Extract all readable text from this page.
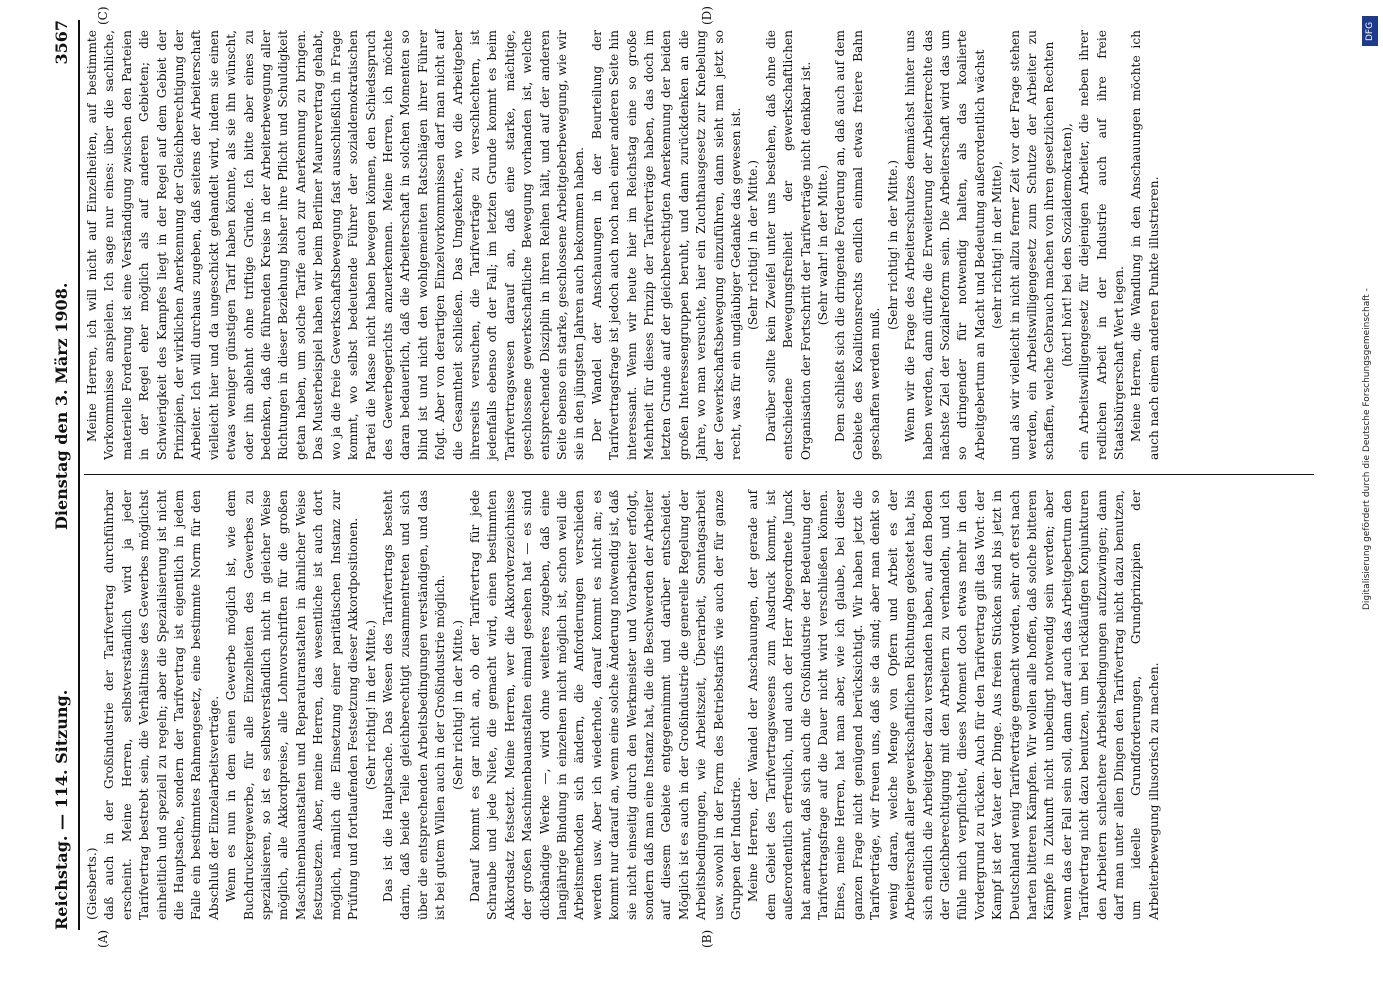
Reichstag. — 114. Sitzung.
Dienstag den 3. März 1908.
3567
(A)	(B)
(C)	(D)

(Giesberts.) daß auch in der Großindustrie der Tarifvertrag durchführbar erscheint. Meine Herren, selbstverständlich wird ja jeder Tarifvertrag bestrebt sein, die Verhältnisse des Gewerbes möglichst einheitlich und speziell zu regeln; aber die Spezialisierung ist nicht die Hauptsache, sondern der Tarifvertrag ist eigentlich in jedem Falle ein bestimmtes Rahmengesetz, eine bestimmte Norm für den Abschluß der Einzelarbeitsverträge. Wenn es nun in dem einen Gewerbe möglich ist, wie dem Buchdruckergewerbe, für alle Einzelheiten des Gewerbes zu spezialisieren, so ist es selbstverständlich nicht in gleicher Weise möglich, alle Akkordpreise, alle Lohnvorschriften für die großen Maschinenbauanstalten und Reparaturanstalten in ähnlicher Weise festzusetzen. Aber, meine Herren, das wesentliche ist auch dort möglich, nämlich die Einsetzung einer paritätischen Instanz zur Prüfung und fortlaufenden Festsetzung dieser Akkordpositionen. (Sehr richtig! in der Mitte.) Das ist die Hauptsache. Das Wesen des Tarifvertrags besteht darin, daß beide Teile gleichberechtigt zusammentreten und sich über die entsprechenden Arbeitsbedingungen verständigen, und das ist bei gutem Willen auch in der Großindustrie möglich. (Sehr richtig! in der Mitte.) Darauf kommt es gar nicht an, ob der Tarifvertrag für jede Schraube und jede Niete, die gemacht wird, einen bestimmten Akkordsatz festsetzt. Meine Herren, wer die Akkordverzeichnisse der großen Maschinenbauanstalten einmal gesehen hat — es sind dickbändige Werke —, wird ohne weiteres zugeben, daß eine langjährige Bindung in einzelnen nicht möglich ist, schon weil die Arbeitsmethoden sich ändern, die Anforderungen verschieden werden usw. Aber ich wiederhole, darauf kommt es nicht an; es kommt nur darauf an, wenn eine solche Änderung notwendig ist, daß sie nicht einseitig durch den Werkmeister und Vorarbeiter erfolgt, sondern daß man eine Instanz hat, die die Beschwerden der Arbeiter auf diesem Gebiete entgegennimmt und darüber entscheidet. Möglich ist es auch in der Großindustrie die generelle Regelung der Arbeitsbedingungen, wie Arbeitszeit, Überarbeit, Sonntagsarbeit usw. sowohl in der Form des Betriebstarifs wie auch der für ganze Gruppen der Industrie. Meine Herren, der Wandel der Anschauungen, der gerade auf dem Gebiet des Tarifvertragswesens zum Ausdruck kommt, ist außerordentlich erfreulich, und auch der Herr Abgeordnete Junck hat anerkannt, daß sich auch die Großindustrie der Bedeutung der Tarifvertragsfrage auf die Dauer nicht wird verschließen können. Eines, meine Herren, hat man aber, wie ich glaube, bei dieser ganzen Frage nicht genügend berücksichtigt. Wir haben jetzt die Tarifverträge, wir freuen uns, daß sie da sind; aber man denkt so wenig daran, welche Menge von Opfern und Arbeit es der Arbeiterschaft aller gewerkschaftlichen Richtungen gekostet hat, bis sich endlich die Arbeitgeber dazu verstanden haben, auf den Boden der Gleichberechtigung mit den Arbeitern zu verhandeln, und ich fühle mich verpflichtet, dieses Moment doch etwas mehr in den Vordergrund zu rücken. Auch für den Tarifvertrag gilt das Wort: der Kampf ist der Vater der Dinge. Aus freien Stücken sind bis jetzt in Deutschland wenig Tarifverträge gemacht worden, sehr oft erst nach harten bitteren Kämpfen. Wir wollen alle hoffen, daß solche bitteren Kämpfe in Zukunft nicht unbedingt notwendig sein werden; aber wenn das der Fall sein soll, dann darf auch das Arbeitgebertum den Tarifvertrag nicht dazu benutzen, um bei rückläufigen Konjunkturen den Arbeitern schlechtere Arbeitsbedingungen aufzuzwingen; dann darf man unter allen Dingen den Tarifvertrag nicht dazu benutzen, um ideelle Grundforderungen, Grundprinzipien der Arbeiterbewegung illusorisch zu machen.

Meine Herren, ich will nicht auf Einzelheiten, auf bestimmte Vorkommnisse anspielen. Ich sage nur eines: über die sachliche, materielle Forderung ist eine Verständigung zwischen den Parteien in der Regel eher möglich als auf anderen Gebieten; die Schwierigkeit des Kampfes liegt in der Regel auf dem Gebiet der Prinzipien, der wirklichen Anerkennung der Gleichberechtigung der Arbeiter. Ich will durchaus zugeben, daß seitens der Arbeiterschaft vielleicht hier und da ungeschickt gehandelt wird, indem sie einen etwas weniger günstigen Tarif haben könnte, als sie ihn wünscht, oder ihn ablehnt ohne triftige Gründe. Ich bitte aber eines zu bedenken, daß die führenden Kreise in der Arbeiterbewegung aller Richtungen in dieser Beziehung bisher ihre Pflicht und Schuldigkeit getan haben, um solche Tarife auch zur Anerkennung zu bringen. Das Musterbeispiel haben wir beim Berliner Maurervertrag gehabt, wo ja die freie Gewerkschaftsbewegung fast ausschließlich in Frage kommt, wo selbst bedeutende Führer der sozialdemokratischen Partei die Masse nicht haben bewegen können, den Schiedsspruch des Gewerbegerichts anzuerkennen. Meine Herren, ich möchte daran bedauerlich, daß die Arbeiterschaft in solchen Momenten so blind ist und nicht den wohlgemeinten Ratschlägen ihrer Führer folgt. Aber von derartigen Einzelvorkommnissen darf man nicht auf die Gesamtheit schließen. Das Umgekehrte, wo die Arbeitgeber ihrerseits versuchen, die Tarifverträge zu verschlechtern, ist jedenfalls ebenso oft der Fall; im letzten Grunde kommt es beim Tarifvertragswesen darauf an, daß eine starke, mächtige, geschlossene gewerkschaftliche Bewegung vorhanden ist, welche entsprechende Disziplin in ihren Reihen hält, und auf der anderen Seite ebenso ein starke, geschlossene Arbeitgeberbewegung, wie wir sie in den jüngsten Jahren auch bekommen haben. Der Wandel der Anschauungen in der Beurteilung der Tarifvertragsfrage ist jedoch auch noch nach einer anderen Seite hin interessant. Wenn wir heute hier im Reichstag eine so große Mehrheit für dieses Prinzip der Tarifverträge haben, das doch im letzten Grunde auf der gleichberechtigten Anerkennung der beiden großen Interessengruppen beruht, und dann zurückdenken an die Jahre, wo man versuchte, hier ein Zuchthausgesetz zur Knebelung der Gewerkschaftsbewegung einzuführen, dann sieht man jetzt so recht, was für ein ungläubiger Gedanke das gewesen ist. (Sehr richtig! in der Mitte.) Darüber sollte kein Zweifel unter uns bestehen, daß ohne die entschiedene Bewegungsfreiheit der gewerkschaftlichen Organisation der Fortschritt der Tarifverträge nicht denkbar ist. (Sehr wahr! in der Mitte.) Dem schließt sich die dringende Forderung an, daß auch auf dem Gebiete des Koalitionsrechts endlich einmal etwas freiere Bahn geschaffen werden muß.

(Sehr richtig! in der Mitte.) Wenn wir die Frage des Arbeiterschutzes demnächst hinter uns haben werden, dann dürfte die Erweiterung der Arbeiterrechte das nächste Ziel der Sozialreform sein. Die Arbeiterschaft wird das um so dringender für notwendig halten, als das koalierte Arbeitgebertum an Macht und Bedeutung außerordentlich wächst (sehr richtig! in der Mitte), und als wir vielleicht in nicht allzu ferner Zeit vor der Frage stehen werden, ein Arbeitswilligengesetz zum Schutze der Arbeiter zu schaffen, welche Gebrauch machen von ihren gesetzlichen Rechten (hört! hört! bei den Sozialdemokraten), ein Arbeitswilligengesetz für diejenigen Arbeiter, die neben ihrer redlichen Arbeit in der Industrie auch auf ihre freie Staatsbürgerschaft Wert legen. Meine Herren, die Wandlung in den Anschauungen möchte ich auch nach einem anderen Punkte illustrieren.

DFG
Digitalisierung gefördert durch die Deutsche Forschungsgemeinschaft -
